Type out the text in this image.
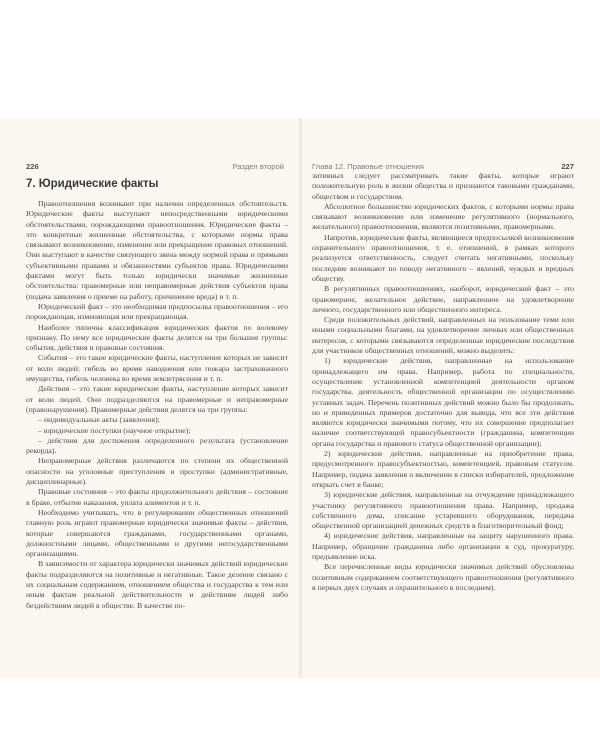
226	Раздел второй
7. Юридические факты

Правоотношения возникают при наличии определенных обстоятельств. Юридические факты выступают непосредственными юридическими обстоятельствами, порождающими правоотношения. Юридические факты – это конкретные жизненные обстоятельства, с которыми нормы права связывают возникновение, изменение или прекращение правовых отношений. Они выступают в качестве связующего звена между нормой права и прямыми субъективными правами и обязанностями субъектов права. Юридическими фактами могут быть только юридически значимые жизненные обстоятельства: правомерные или неправомерные действия субъектов права (подача заявления о приеме на работу, причинение вреда) и т. п.

Юридический факт – это необходимая предпосылка правоотношения – его порождающая, изменяющая или прекращающая.

Наиболее типична классификация юридических фактов по волевому признаку. По нему все юридические факты делятся на три большие группы: события, действия и правовые состояния.

События – это такие юридические факты, наступление которых не зависит от воли людей: гибель во время наводнения или пожара застрахованного имущества, гибель человека во время землетрясения и т. п.

Действия – это такие юридические факты, наступление которых зависит от воли людей. Они подразделяются на правомерные и неправомерные (правонарушения). Правомерные действия делятся на три группы:

– индивидуальные акты (заявления);

– юридические поступки (научное открытие);

– действия для достижения определенного результата (установление рекорда).

Неправомерные действия различаются по степени их общественной опасности на уголовные преступления и проступки (административные, дисциплинарные).

Правовые состояния – это факты продолжительного действия – состояние в браке, отбытие наказания, уплата алиментов и т. п.

Необходимо учитывать, что в регулировании общественных отношений главную роль играют правомерные юридически значимые факты – действия, которые совершаются гражданами, государственными органами, должностными лицами, общественными и другими негосударственными организациями.

В зависимости от характера юридически значимых действий юридические факты подразделяются на позитивные и негативные. Такое деление связано с их социальным содержанием, отношением общества и государства к тем или иным фактам реальной действительности и действиям людей либо бездействиям людей в обществе. В качестве по-

Глава 12. Правовые отношения	227

зитивных следует рассматривать такие факты, которые играют положительную роль в жизни общества и признаются таковыми гражданами, обществом и государством.

Абсолютное большинство юридических фактов, с которыми нормы права связывают возникновение или изменение регулятивного (нормального, желательного) правоотношения, являются позитивными, правомерными.

Напротив, юридические факты, являющиеся предпосылкой возникновения охранительного правоотношения, т. е. отношений, в рамках которого реализуется ответственность, следует считать негативными, поскольку последние возникают по поводу негативного – явлений, чуждых и вредных обществу.

В регулятивных правоотношениях, наоборот, юридический факт – это правомерное, желательное действие, направленное на удовлетворение личного, государственного или общественного интереса.

Среди положительных действий, направленных на пользование теми или иными социальными благами, на удовлетворение личных или общественных интересов, с которыми связываются определенные юридические последствия для участников общественных отношений, можно выделить:

1) юридические действия, направленные на использование принадлежащего им права. Например, работа по специальности, осуществление установленной компетенцией деятельности органом государства, деятельность общественной организации по осуществлению уставных задач. Перечень позитивных действий можно было бы продолжать, но и приведенных примеров достаточно для вывода, что все эти действия являются юридически значимыми потому, что их совершение предполагает наличие соответствующей правосубъектности (гражданина, компетенции органа государства и правового статуса общественной организации);

2) юридические действия, направленные на приобретение права, предусмотренного правосубъектностью, компетенцией, правовым статусом. Например, подача заявления о включении в списки избирателей, предложение открыть счет в банке;

3) юридические действия, направленные на отчуждение принадлежащего участнику регулятивного правоотношения права. Например, продажа собственного дома, списание устаревшего оборудования, передача общественной организацией денежных средств в благотворительный фонд;

4) юридические действия, направленные на защиту нарушенного права. Например, обращение гражданина либо организации в суд, прокуратуру, предъявление иска.

Все перечисленные виды юридически значимых действий обусловлены позитивным содержанием соответствующего правоотношения (регулятивного в первых двух случаях и охранительного в последнем).
